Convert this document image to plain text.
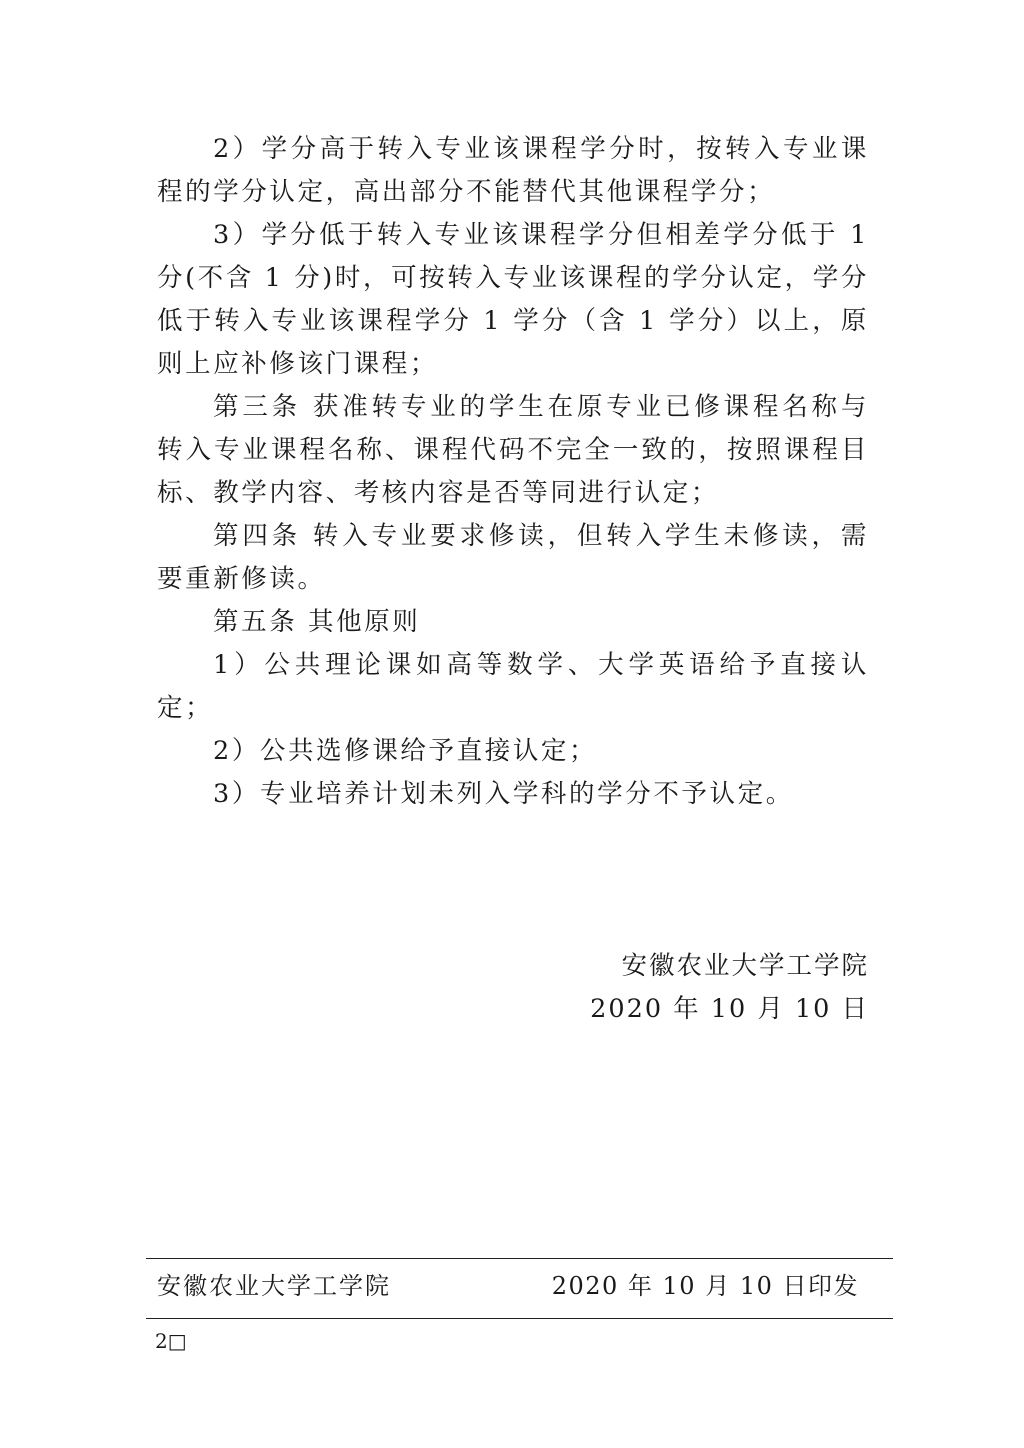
2）学分高于转入专业该课程学分时，按转入专业课程的学分认定，高出部分不能替代其他课程学分；

3）学分低于转入专业该课程学分但相差学分低于 1 分(不含 1 分)时，可按转入专业该课程的学分认定，学分低于转入专业该课程学分 1 学分（含 1 学分）以上，原则上应补修该门课程；

第三条 获准转专业的学生在原专业已修课程名称与转入专业课程名称、课程代码不完全一致的，按照课程目标、教学内容、考核内容是否等同进行认定；

第四条 转入专业要求修读，但转入学生未修读，需要重新修读。

第五条 其他原则

1）公共理论课如高等数学、大学英语给予直接认定；

2）公共选修课给予直接认定；

3）专业培养计划未列入学科的学分不予认定。

安徽农业大学工学院
2020 年 10 月 10 日
安徽农业大学工学院	2020 年 10 月 10 日印发
2□
